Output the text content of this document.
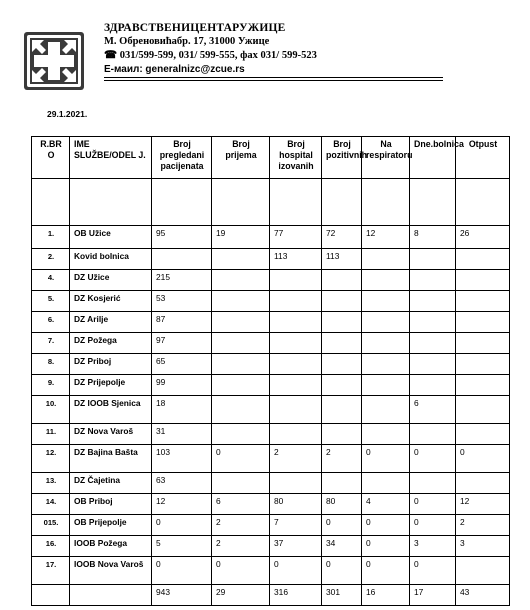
ЗДРАВСТВЕНИЦЕНТАРУЖИЦЕ
М. Обреновићабр. 17, 31000 Ужице
☎ 031/599-599, 031/ 599-555, фах 031/ 599-523
Е-маил: generalnizc@zcue.rs
29.1.2021.
R.BR O	IME SLUŽBE/ODEL J.	Broj pregledani pacijenata	Broj prijema	Broj hospital izovanih	Broj pozitivnih	Na respiratoru	Dne.bolnica	Otpust

1.	OB Užice	95	19	77	72	12	8	26
2.	Kovid bolnica			113	113			
4.	DZ Užice	215						
5.	DZ Kosjerić	53						
6.	DZ Arilje	87						
7.	DZ Požega	97						
8.	DZ Priboj	65						
9.	DZ Prijepolje	99						
10.	DZ IOOB Sjenica	18					6	
11.	DZ Nova Varoš	31						
12.	DZ Bajina Bašta	103	0	2	2	0	0	0
13.	DZ Čajetina	63						
14.	OB Priboj	12	6	80	80	4	0	12
015.	OB Prijepolje	0	2	7	0	0	0	2
16.	IOOB Požega	5	2	37	34	0	3	3
17.	IOOB Nova Varoš	0	0	0	0	0	0	
		943	29	316	301	16	17	43
